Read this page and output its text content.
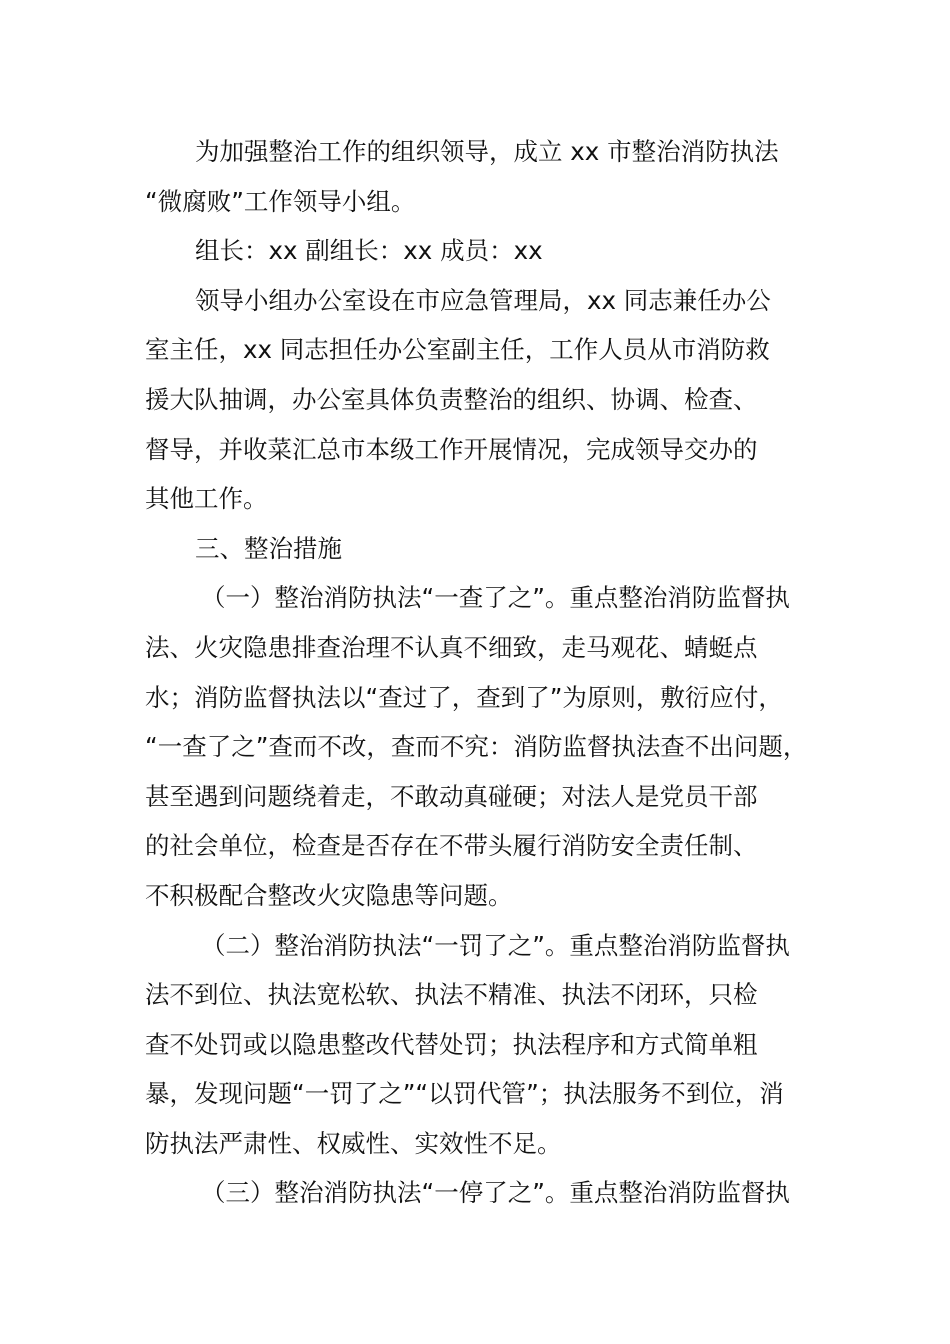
为加强整治工作的组织领导，成立 xx 市整治消防执法
“微腐败”工作领导小组。
组长：xx 副组长：xx 成员：xx
领导小组办公室设在市应急管理局，xx 同志兼任办公
室主任，xx 同志担任办公室副主任，工作人员从市消防救
援大队抽调，办公室具体负责整治的组织、协调、检查、
督导，并收菜汇总市本级工作开展情况，完成领导交办的
其他工作。
三、整治措施
（一）整治消防执法“一查了之”。重点整治消防监督执
法、火灾隐患排查治理不认真不细致，走马观花、蜻蜓点
水；消防监督执法以“查过了，查到了”为原则，敷衍应付，
“一查了之”查而不改，查而不究：消防监督执法查不出问题，
甚至遇到问题绕着走，不敢动真碰硬；对法人是党员干部
的社会单位，检查是否存在不带头履行消防安全责任制、
不积极配合整改火灾隐患等问题。
（二）整治消防执法“一罚了之”。重点整治消防监督执
法不到位、执法宽松软、执法不精准、执法不闭环，只检
查不处罚或以隐患整改代替处罚；执法程序和方式简单粗
暴，发现问题“一罚了之”“以罚代管”；执法服务不到位，消
防执法严肃性、权威性、实效性不足。
（三）整治消防执法“一停了之”。重点整治消防监督执
